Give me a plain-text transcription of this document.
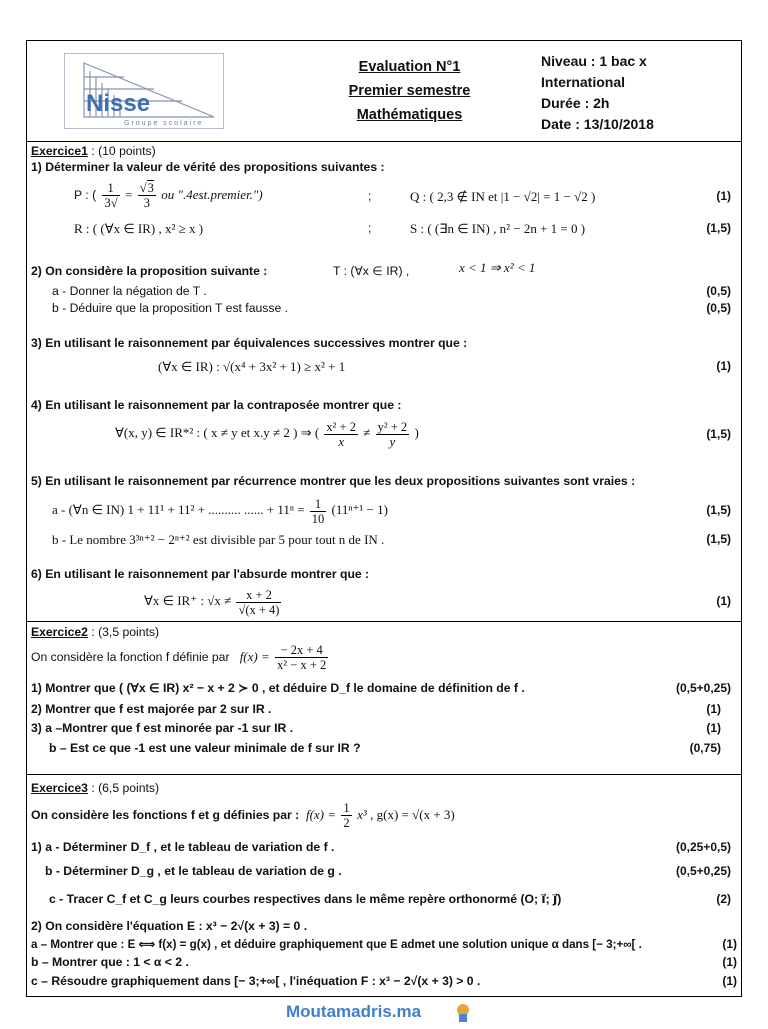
Nisse
Groupe scolaire
Evaluation N°1
Premier semestre
Mathématiques
Niveau : 1 bac x
International
Durée : 2h
Date : 13/10/2018
Exercice1 : (10 points)
1) Déterminer la valeur de vérité des propositions suivantes :
P : ( $\frac{1}{3√} = \frac{√3}{3}$ ou ".4est.premier.")	;	Q : ( 2,3 ∉ IN et |1 − √2| = 1 − √2 )	(1)
R : ( (∀x ∈ IR) , x² ≥ x )	;	S : ( (∃n ∈ IN) , n² − 2n + 1 = 0 )	(1,5)
2) On considère la proposition suivante :	T : (∀x ∈ IR) ,	x < 1 ⇒ x² < 1
a - Donner la négation de T .	(0,5)
b - Déduire que la proposition T est fausse .	(0,5)
3) En utilisant le raisonnement par équivalences successives montrer que :
(∀x ∈ IR) : √(x⁴ + 3x² + 1) ≥ x² + 1	(1)
4) En utilisant le raisonnement par la contraposée montrer que :
∀(x, y) ∈ IR*² : ( x ≠ y et x.y ≠ 2 ) ⇒ ( $\frac{\text{x² + 2}}{x} \ne \frac{\text{y² + 2}}{y}$ )	(1,5)
5) En utilisant le raisonnement par récurrence montrer que les deux propositions suivantes sont vraies :
a - (∀n ∈ IN) 1 + 11¹ + 11² + .......... ...... + $11^n = \frac{1}{10} (11^{n+1} - 1)$	(1,5)
b - Le nombre 3³ⁿ⁺² − 2ⁿ⁺² est divisible par 5 pour tout n de IN .	(1,5)
6) En utilisant le raisonnement par l'absurde montrer que :
∀x ∈ IR⁺ : $√x \ne \frac{x + 2}{√(x + 4)}$	(1)
Exercice2 : (3,5 points)
On considère la fonction f définie par $f(x) = \frac{- 2x + 4}{\text{x² − x + 2}}$
1) Montrer que ( (∀x ∈ IR) x² − x + 2 ≻ 0 , et déduire D_f le domaine de définition de f .	(0,5+0,25)
2) Montrer que f est majorée par 2 sur IR .	(1)
3) a –Montrer que f est minorée par -1 sur IR .	(1)
b – Est ce que -1 est une valeur minimale de f sur IR ?	(0,75)
Exercice3 : (6,5 points)
On considère les fonctions f et g définies par : $f(x) = \frac{1}{2} x^3$ , g(x) = √(x + 3)
1) a - Déterminer D_f , et le tableau de variation de f .	(0,25+0,5)
b - Déterminer D_g , et le tableau de variation de g .	(0,5+0,25)
c - Tracer C_f et C_g leurs courbes respectives dans le même repère orthonormé (O; i⃗; j⃗)	(2)
2) On considère l'équation E : x³ − 2√(x + 3) = 0 .
a – Montrer que : E ⟺ f(x) = g(x) , et déduire graphiquement que E admet une solution unique α dans [− 3;+∞[ .	(1)
b – Montrer que : 1 < α < 2 .	(1)
c – Résoudre graphiquement dans [− 3;+∞[ , l'inéquation F : x³ − 2√(x + 3) > 0 .	(1)
Moutamadris.ma
